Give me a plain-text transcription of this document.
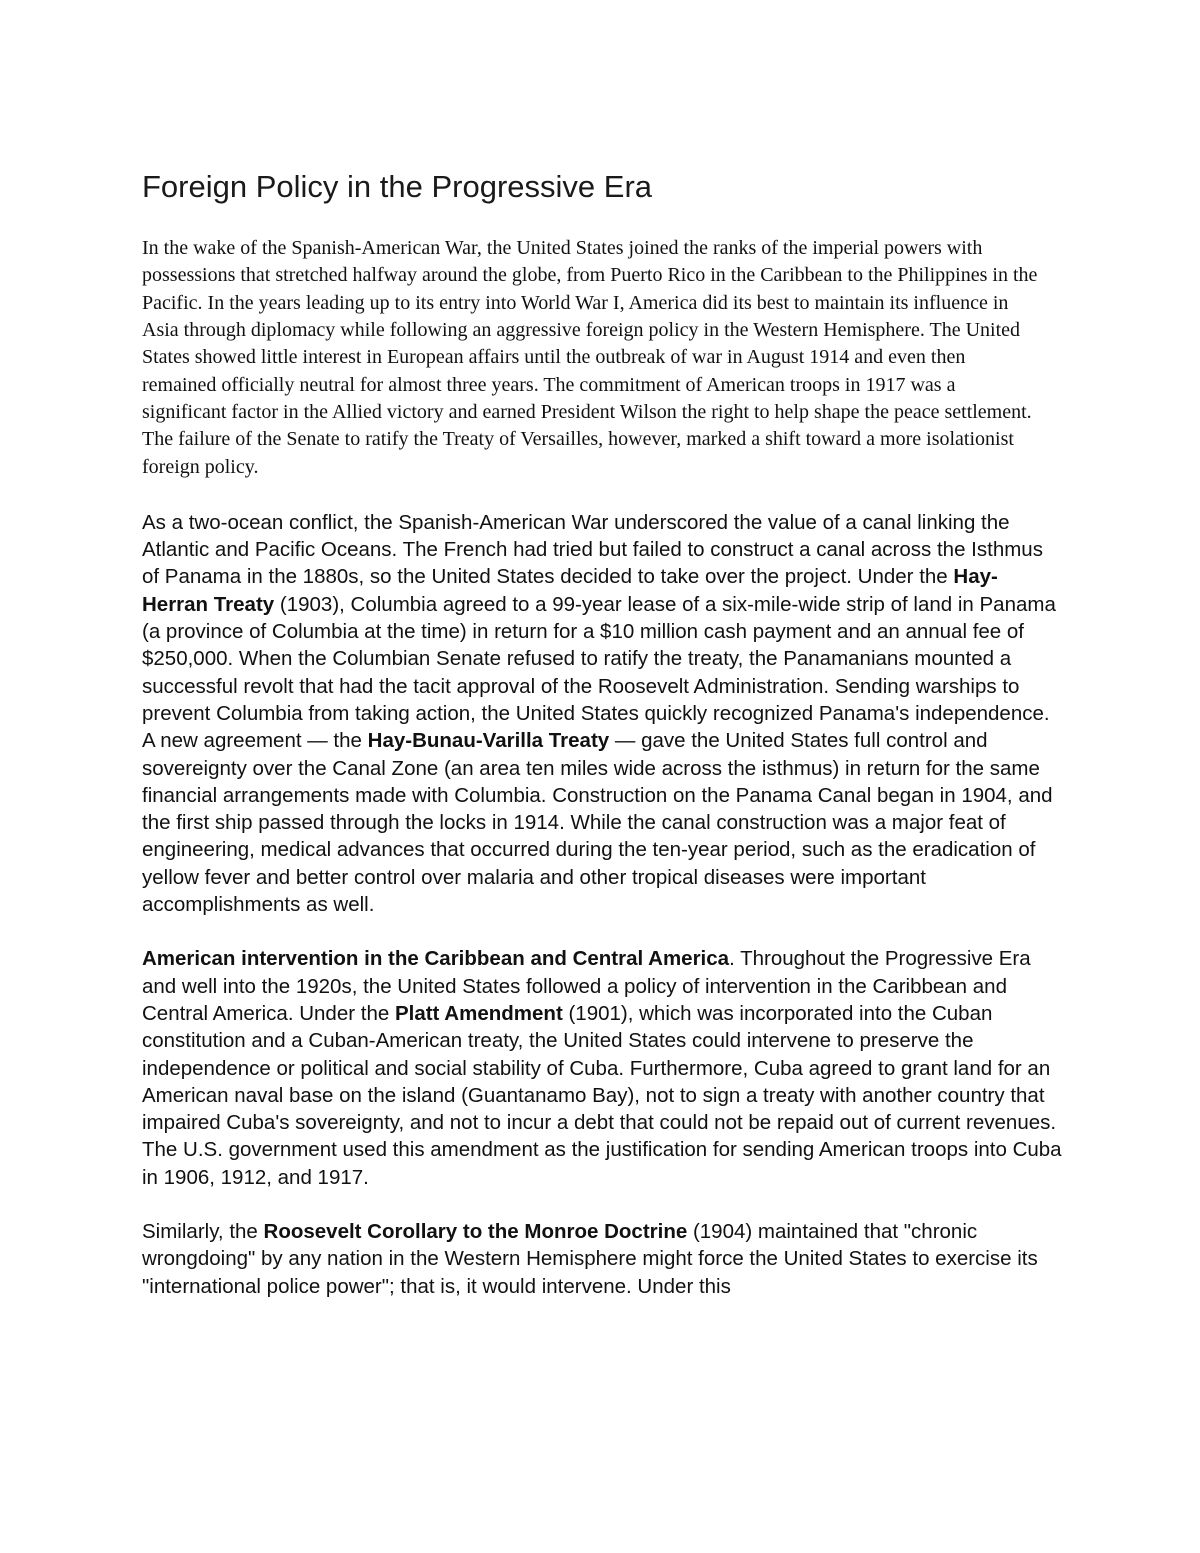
Foreign Policy in the Progressive Era

In the wake of the Spanish-American War, the United States joined the ranks of the imperial powers with possessions that stretched halfway around the globe, from Puerto Rico in the Caribbean to the Philippines in the Pacific. In the years leading up to its entry into World War I, America did its best to maintain its influence in Asia through diplomacy while following an aggressive foreign policy in the Western Hemisphere. The United States showed little interest in European affairs until the outbreak of war in August 1914 and even then remained officially neutral for almost three years. The commitment of American troops in 1917 was a significant factor in the Allied victory and earned President Wilson the right to help shape the peace settlement. The failure of the Senate to ratify the Treaty of Versailles, however, marked a shift toward a more isolationist foreign policy.

As a two-ocean conflict, the Spanish-American War underscored the value of a canal linking the Atlantic and Pacific Oceans. The French had tried but failed to construct a canal across the Isthmus of Panama in the 1880s, so the United States decided to take over the project. Under the Hay-Herran Treaty (1903), Columbia agreed to a 99-year lease of a six-mile-wide strip of land in Panama (a province of Columbia at the time) in return for a $10 million cash payment and an annual fee of $250,000. When the Columbian Senate refused to ratify the treaty, the Panamanians mounted a successful revolt that had the tacit approval of the Roosevelt Administration. Sending warships to prevent Columbia from taking action, the United States quickly recognized Panama's independence. A new agreement — the Hay-Bunau-Varilla Treaty — gave the United States full control and sovereignty over the Canal Zone (an area ten miles wide across the isthmus) in return for the same financial arrangements made with Columbia. Construction on the Panama Canal began in 1904, and the first ship passed through the locks in 1914. While the canal construction was a major feat of engineering, medical advances that occurred during the ten-year period, such as the eradication of yellow fever and better control over malaria and other tropical diseases were important accomplishments as well.

American intervention in the Caribbean and Central America. Throughout the Progressive Era and well into the 1920s, the United States followed a policy of intervention in the Caribbean and Central America. Under the Platt Amendment (1901), which was incorporated into the Cuban constitution and a Cuban-American treaty, the United States could intervene to preserve the independence or political and social stability of Cuba. Furthermore, Cuba agreed to grant land for an American naval base on the island (Guantanamo Bay), not to sign a treaty with another country that impaired Cuba's sovereignty, and not to incur a debt that could not be repaid out of current revenues. The U.S. government used this amendment as the justification for sending American troops into Cuba in 1906, 1912, and 1917.

Similarly, the Roosevelt Corollary to the Monroe Doctrine (1904) maintained that "chronic wrongdoing" by any nation in the Western Hemisphere might force the United States to exercise its "international police power"; that is, it would intervene. Under this
